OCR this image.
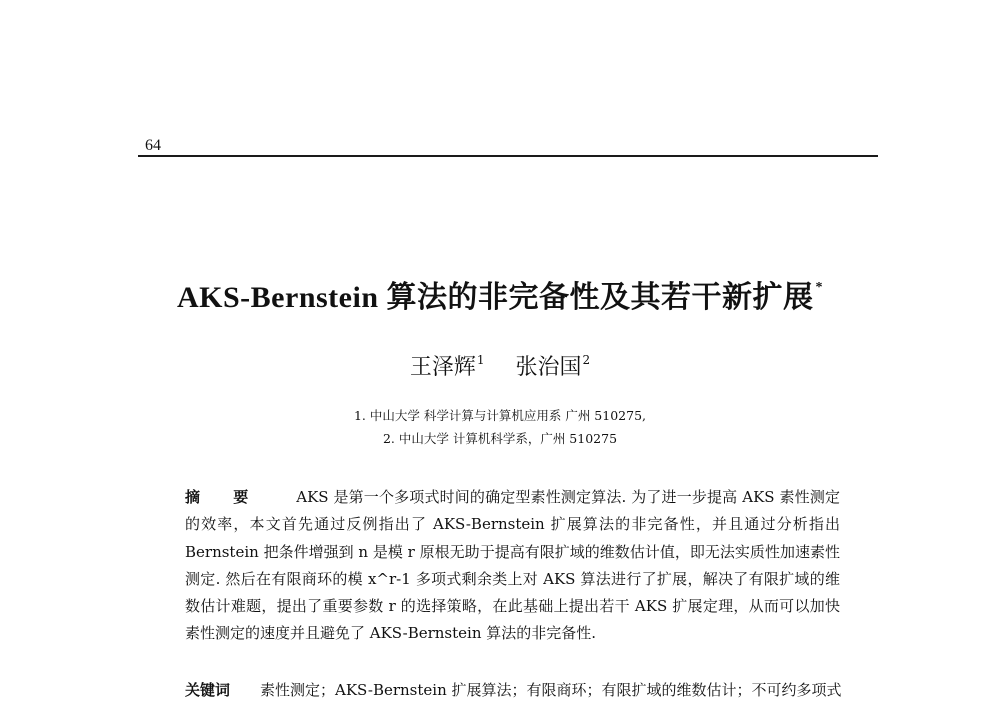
64
AKS-Bernstein 算法的非完备性及其若干新扩展 *
王泽辉$^1$ 张治国$^2$
1. 中山大学 科学计算与计算机应用系 广州 510275,
2. 中山大学 计算机科学系，广州 510275
摘 要 AKS 是第一个多项式时间的确定型素性测定算法. 为了进一步提高 AKS 素性测定的效率，本文首先通过反例指出了 AKS-Bernstein 扩展算法的非完备性，并且通过分析指出 Bernstein 把条件增强到 n 是模 r 原根无助于提高有限扩域的维数估计值，即无法实质性加速素性测定. 然后在有限商环的模 x^r-1 多项式剩余类上对 AKS 算法进行了扩展，解决了有限扩域的维数估计难题，提出了重要参数 r 的选择策略，在此基础上提出若干 AKS 扩展定理，从而可以加快素性测定的速度并且避免了 AKS-Bernstein 算法的非完备性.
关键词 素性测定；AKS-Bernstein 扩展算法；有限商环；有限扩域的维数估计；不可约多项式
